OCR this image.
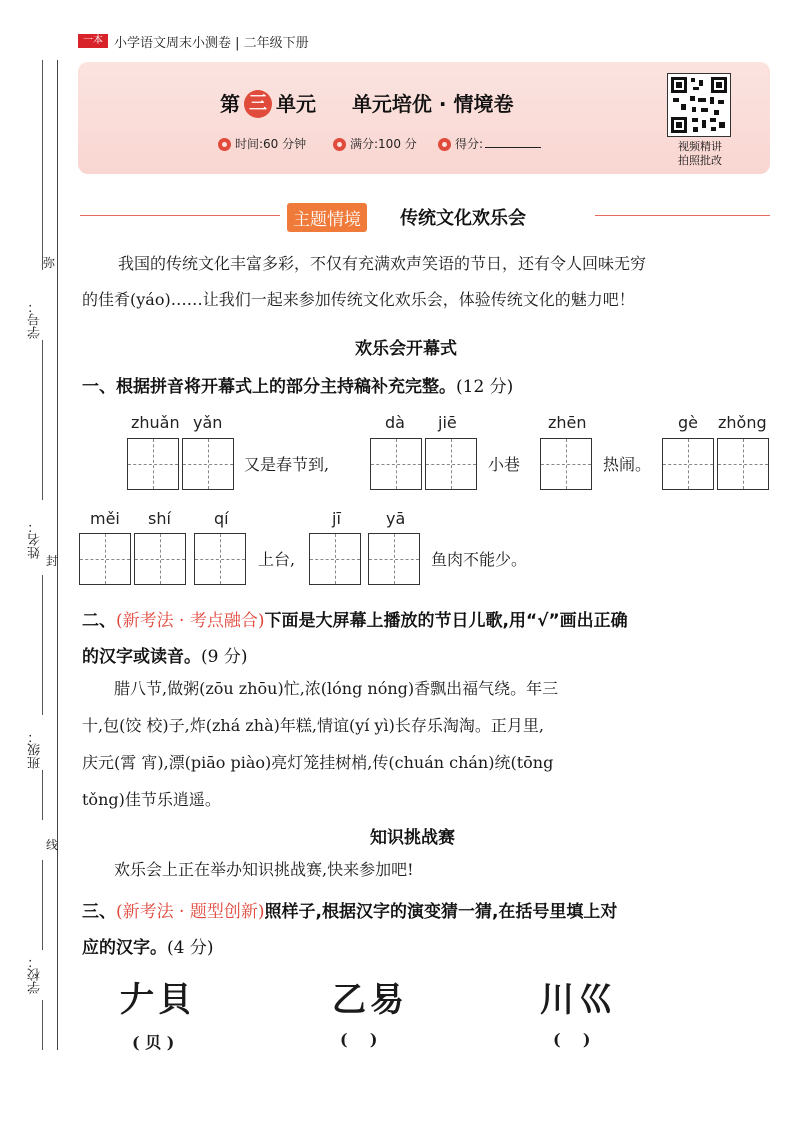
一本 小学语文周末小测卷 | 二年级下册
学号：
弥
姓名：
封
班级：
线
学校：
第 三 单元 单元培优 · 情境卷
时间:60 分钟	满分:100 分	得分:	视频精讲
拍照批改
主题情境	传统文化欢乐会
我国的传统文化丰富多彩，不仅有充满欢声笑语的节日，还有令人回味无穷
的佳肴(yáo)……让我们一起来参加传统文化欢乐会，体验传统文化的魅力吧！
欢乐会开幕式
一、根据拼音将开幕式上的部分主持稿补充完整。(12 分)
zhuǎn yǎn	dà jiē	zhēn	gè zhǒng
又是春节到,	小巷	热闹。
měi shí	qí	jī	yā
上台,	鱼肉不能少。
二、(新考法 · 考点融合)下面是大屏幕上播放的节日儿歌,用“√”画出正确
的汉字或读音。(9 分)
腊八节,做粥(zōu zhōu)忙,浓(lóng nóng)香飘出福气绕。年三
十,包(饺 校)子,炸(zhá zhà)年糕,情谊(yí yì)长存乐淘淘。正月里,
庆元(霄 宵),漂(piāo piào)亮灯笼挂树梢,传(chuán chán)统(tōng
tǒng)佳节乐逍遥。
知识挑战赛
欢乐会上正在举办知识挑战赛,快来参加吧!
三、(新考法 · 题型创新)照样子,根据汉字的演变猜一猜,在括号里填上对
应的汉字。(4 分)
𠂇貝	乙易	川巛
( 贝 )	(    )	(    )
